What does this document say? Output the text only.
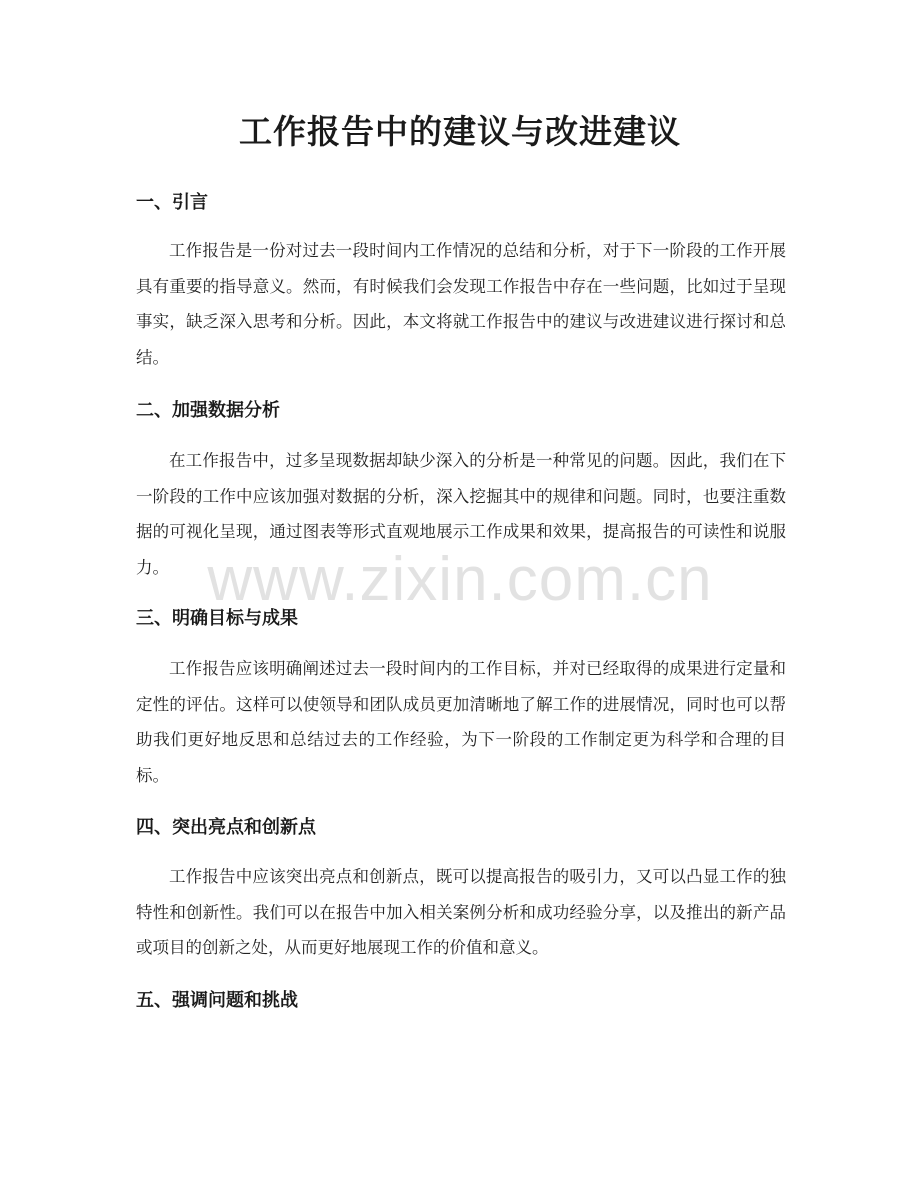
工作报告中的建议与改进建议
一、引言

工作报告是一份对过去一段时间内工作情况的总结和分析，对于下一阶段的工作开展具有重要的指导意义。然而，有时候我们会发现工作报告中存在一些问题，比如过于呈现事实，缺乏深入思考和分析。因此，本文将就工作报告中的建议与改进建议进行探讨和总结。

二、加强数据分析

在工作报告中，过多呈现数据却缺少深入的分析是一种常见的问题。因此，我们在下一阶段的工作中应该加强对数据的分析，深入挖掘其中的规律和问题。同时，也要注重数据的可视化呈现，通过图表等形式直观地展示工作成果和效果，提高报告的可读性和说服力。

三、明确目标与成果

工作报告应该明确阐述过去一段时间内的工作目标，并对已经取得的成果进行定量和定性的评估。这样可以使领导和团队成员更加清晰地了解工作的进展情况，同时也可以帮助我们更好地反思和总结过去的工作经验，为下一阶段的工作制定更为科学和合理的目标。

四、突出亮点和创新点

工作报告中应该突出亮点和创新点，既可以提高报告的吸引力，又可以凸显工作的独特性和创新性。我们可以在报告中加入相关案例分析和成功经验分享，以及推出的新产品或项目的创新之处，从而更好地展现工作的价值和意义。

五、强调问题和挑战
www.zixin.com.cn
